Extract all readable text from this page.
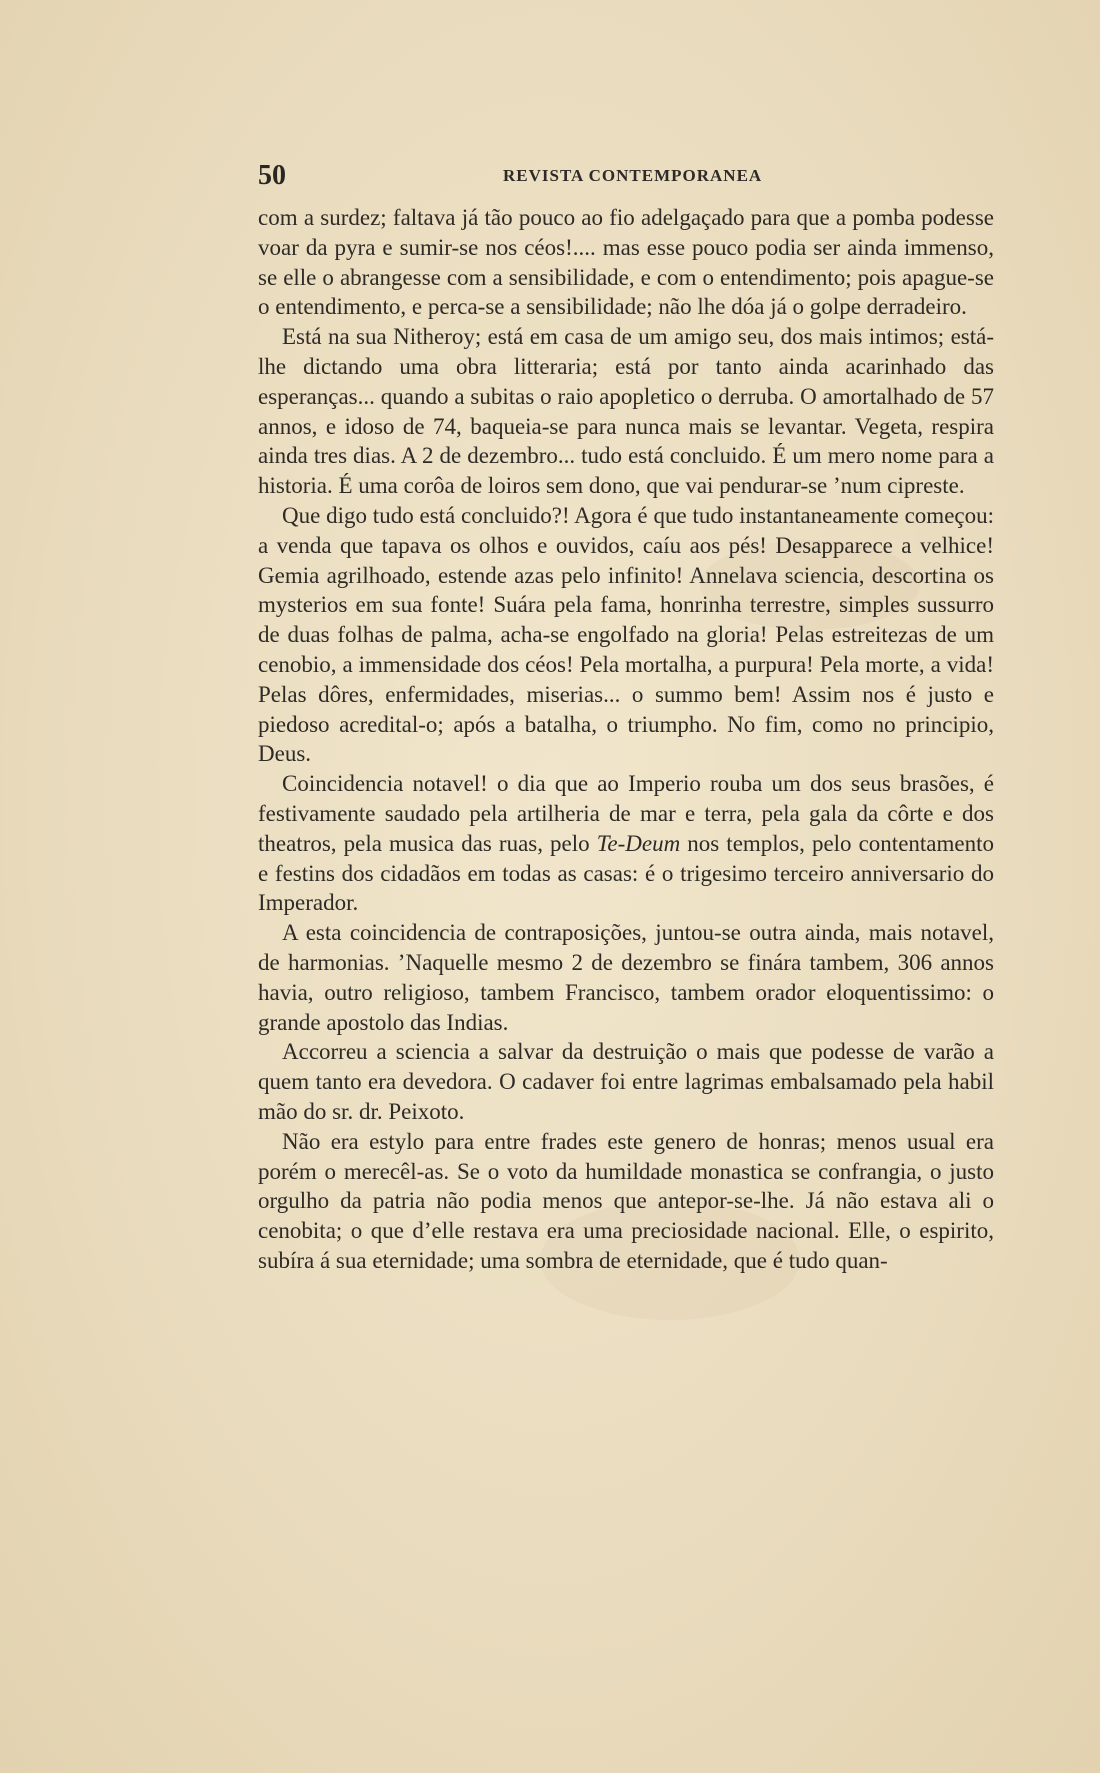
50	REVISTA CONTEMPORANEA

com a surdez; faltava já tão pouco ao fio adelgaçado para que a pomba podesse voar da pyra e sumir-se nos céos!.... mas esse pouco podia ser ainda immenso, se elle o abrangesse com a sensibilidade, e com o entendimento; pois apague-se o entendimento, e perca-se a sensibilidade; não lhe dóa já o golpe derradeiro.

Está na sua Nitheroy; está em casa de um amigo seu, dos mais intimos; está-lhe dictando uma obra litteraria; está por tanto ainda acarinhado das esperanças... quando a subitas o raio apopletico o derruba. O amortalhado de 57 annos, e idoso de 74, baqueia-se para nunca mais se levantar. Vegeta, respira ainda tres dias. A 2 de dezembro... tudo está concluido. É um mero nome para a historia. É uma corôa de loiros sem dono, que vai pendurar-se ’num cipreste.

Que digo tudo está concluido?! Agora é que tudo instantaneamente começou: a venda que tapava os olhos e ouvidos, caíu aos pés! Desapparece a velhice! Gemia agrilhoado, estende azas pelo infinito! Annelava sciencia, descortina os mysterios em sua fonte! Suára pela fama, honrinha terrestre, simples sussurro de duas folhas de palma, acha-se engolfado na gloria! Pelas estreitezas de um cenobio, a immensidade dos céos! Pela mortalha, a purpura! Pela morte, a vida! Pelas dôres, enfermidades, miserias... o summo bem! Assim nos é justo e piedoso acredital-o; após a batalha, o triumpho. No fim, como no principio, Deus.

Coincidencia notavel! o dia que ao Imperio rouba um dos seus brasões, é festivamente saudado pela artilheria de mar e terra, pela gala da côrte e dos theatros, pela musica das ruas, pelo Te-Deum nos templos, pelo contentamento e festins dos cidadãos em todas as casas: é o trigesimo terceiro anniversario do Imperador.

A esta coincidencia de contraposições, juntou-se outra ainda, mais notavel, de harmonias. ’Naquelle mesmo 2 de dezembro se finára tambem, 306 annos havia, outro religioso, tambem Francisco, tambem orador eloquentissimo: o grande apostolo das Indias.

Accorreu a sciencia a salvar da destruição o mais que podesse de varão a quem tanto era devedora. O cadaver foi entre lagrimas embalsamado pela habil mão do sr. dr. Peixoto.

Não era estylo para entre frades este genero de honras; menos usual era porém o merecêl-as. Se o voto da humildade monastica se confrangia, o justo orgulho da patria não podia menos que antepor-se-lhe. Já não estava ali o cenobita; o que d’elle restava era uma preciosidade nacional. Elle, o espirito, subíra á sua eternidade; uma sombra de eternidade, que é tudo quan-
